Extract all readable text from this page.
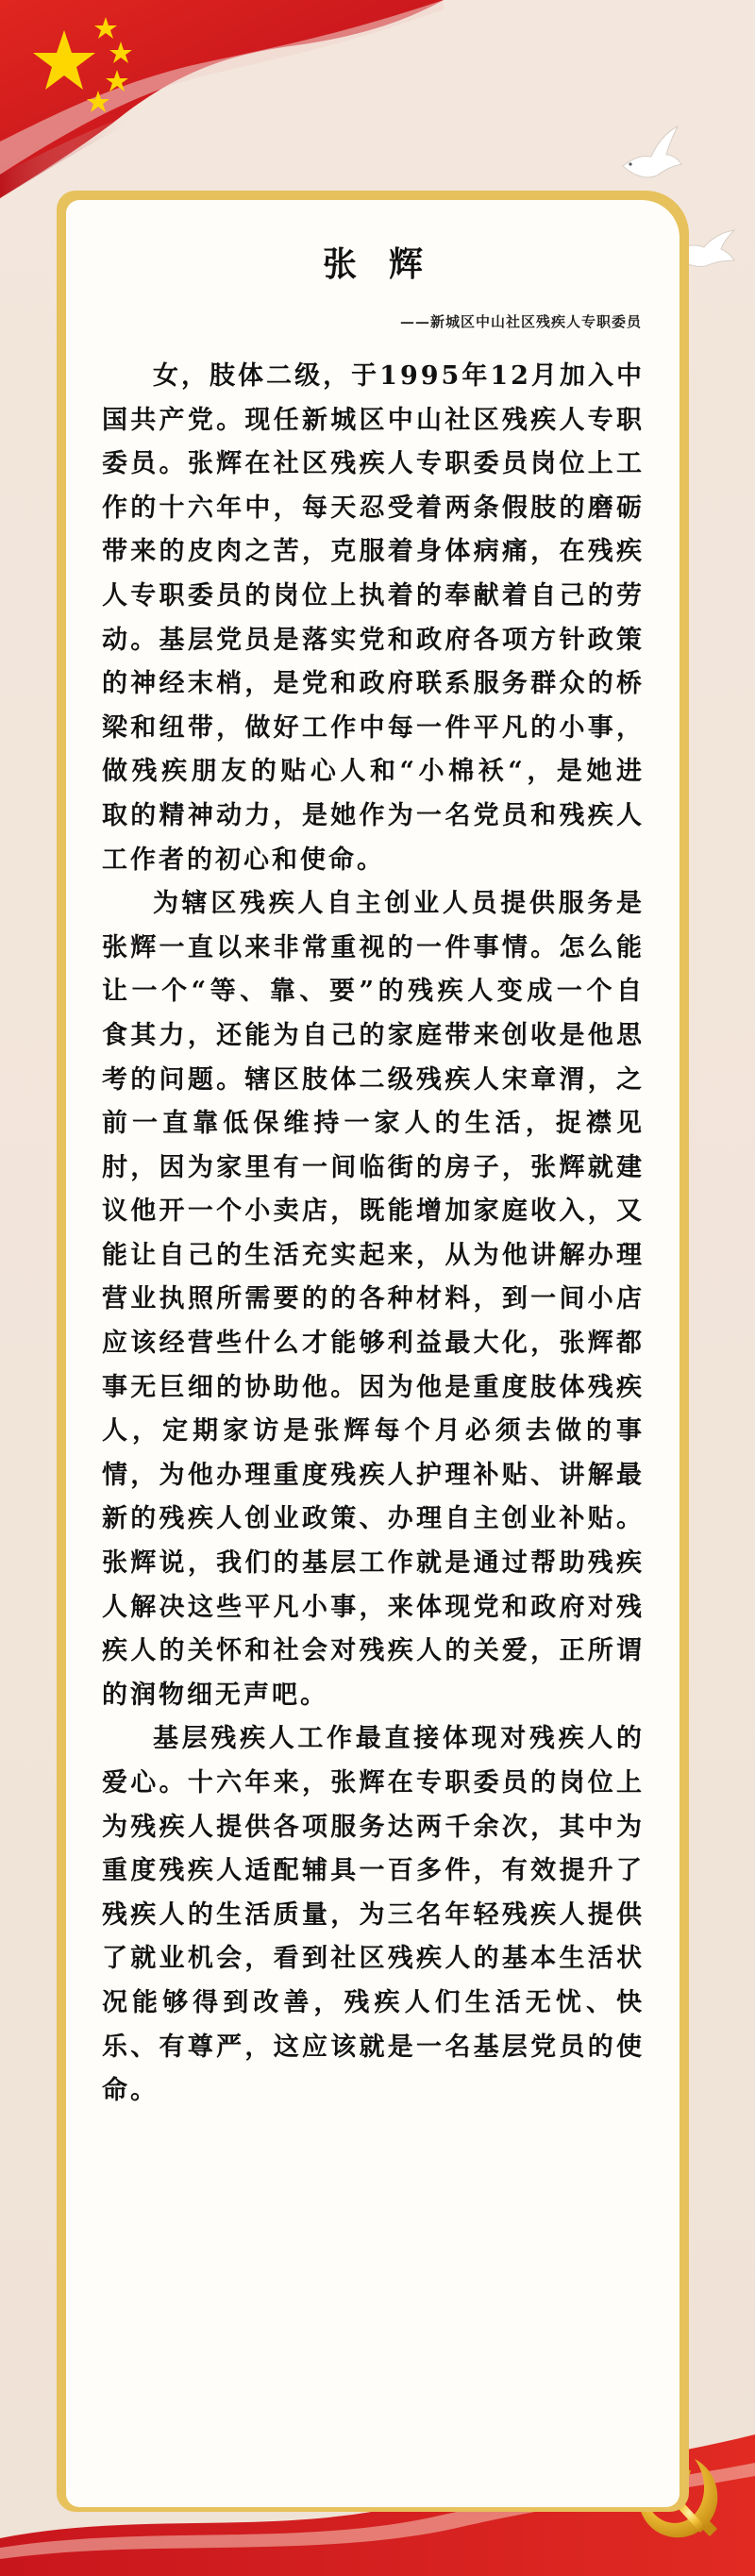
张辉
——新城区中山社区残疾人专职委员

女，肢体二级，于1995年12月加入中国共产党。现任新城区中山社区残疾人专职委员。张辉在社区残疾人专职委员岗位上工作的十六年中，每天忍受着两条假肢的磨砺带来的皮肉之苦，克服着身体病痛，在残疾人专职委员的岗位上执着的奉献着自己的劳动。基层党员是落实党和政府各项方针政策的神经末梢，是党和政府联系服务群众的桥梁和纽带，做好工作中每一件平凡的小事，做残疾朋友的贴心人和“小棉袄“，是她进取的精神动力，是她作为一名党员和残疾人工作者的初心和使命。

为辖区残疾人自主创业人员提供服务是张辉一直以来非常重视的一件事情。怎么能让一个“等、靠、要”的残疾人变成一个自食其力，还能为自己的家庭带来创收是他思考的问题。辖区肢体二级残疾人宋章渭，之前一直靠低保维持一家人的生活，捉襟见肘，因为家里有一间临街的房子，张辉就建议他开一个小卖店，既能增加家庭收入，又能让自己的生活充实起来，从为他讲解办理营业执照所需要的的各种材料，到一间小店应该经营些什么才能够利益最大化，张辉都事无巨细的协助他。因为他是重度肢体残疾人，定期家访是张辉每个月必须去做的事情，为他办理重度残疾人护理补贴、讲解最新的残疾人创业政策、办理自主创业补贴。张辉说，我们的基层工作就是通过帮助残疾人解决这些平凡小事，来体现党和政府对残疾人的关怀和社会对残疾人的关爱，正所谓的润物细无声吧。

基层残疾人工作最直接体现对残疾人的爱心。十六年来，张辉在专职委员的岗位上为残疾人提供各项服务达两千余次，其中为重度残疾人适配辅具一百多件，有效提升了残疾人的生活质量，为三名年轻残疾人提供了就业机会，看到社区残疾人的基本生活状况能够得到改善，残疾人们生活无忧、快乐、有尊严，这应该就是一名基层党员的使命。
